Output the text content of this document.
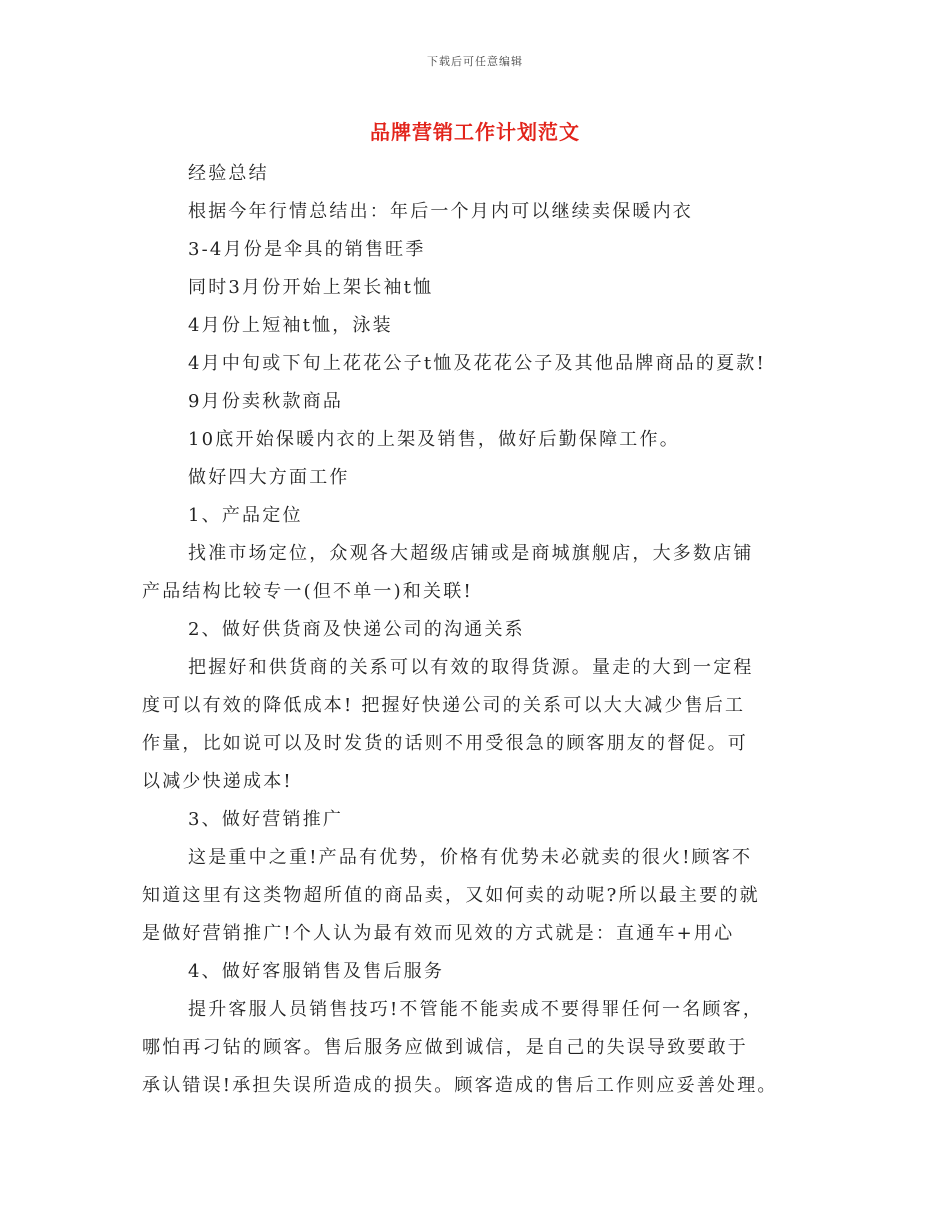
下载后可任意编辑
品牌营销工作计划范文
经验总结
根据今年行情总结出：年后一个月内可以继续卖保暖内衣
3-4月份是伞具的销售旺季
同时3月份开始上架长袖t恤
4月份上短袖t恤，泳装
4月中旬或下旬上花花公子t恤及花花公子及其他品牌商品的夏款!
9月份卖秋款商品
10底开始保暖内衣的上架及销售，做好后勤保障工作。
做好四大方面工作
1、产品定位
找准市场定位，众观各大超级店铺或是商城旗舰店，大多数店铺
产品结构比较专一(但不单一)和关联!
2、做好供货商及快递公司的沟通关系
把握好和供货商的关系可以有效的取得货源。量走的大到一定程
度可以有效的降低成本! 把握好快递公司的关系可以大大减少售后工
作量，比如说可以及时发货的话则不用受很急的顾客朋友的督促。可
以减少快递成本!
3、做好营销推广
这是重中之重!产品有优势，价格有优势未必就卖的很火!顾客不
知道这里有这类物超所值的商品卖，又如何卖的动呢?所以最主要的就
是做好营销推广!个人认为最有效而见效的方式就是：直通车+用心
4、做好客服销售及售后服务
提升客服人员销售技巧!不管能不能卖成不要得罪任何一名顾客，
哪怕再刁钻的顾客。售后服务应做到诚信，是自己的失误导致要敢于
承认错误!承担失误所造成的损失。顾客造成的售后工作则应妥善处理。
